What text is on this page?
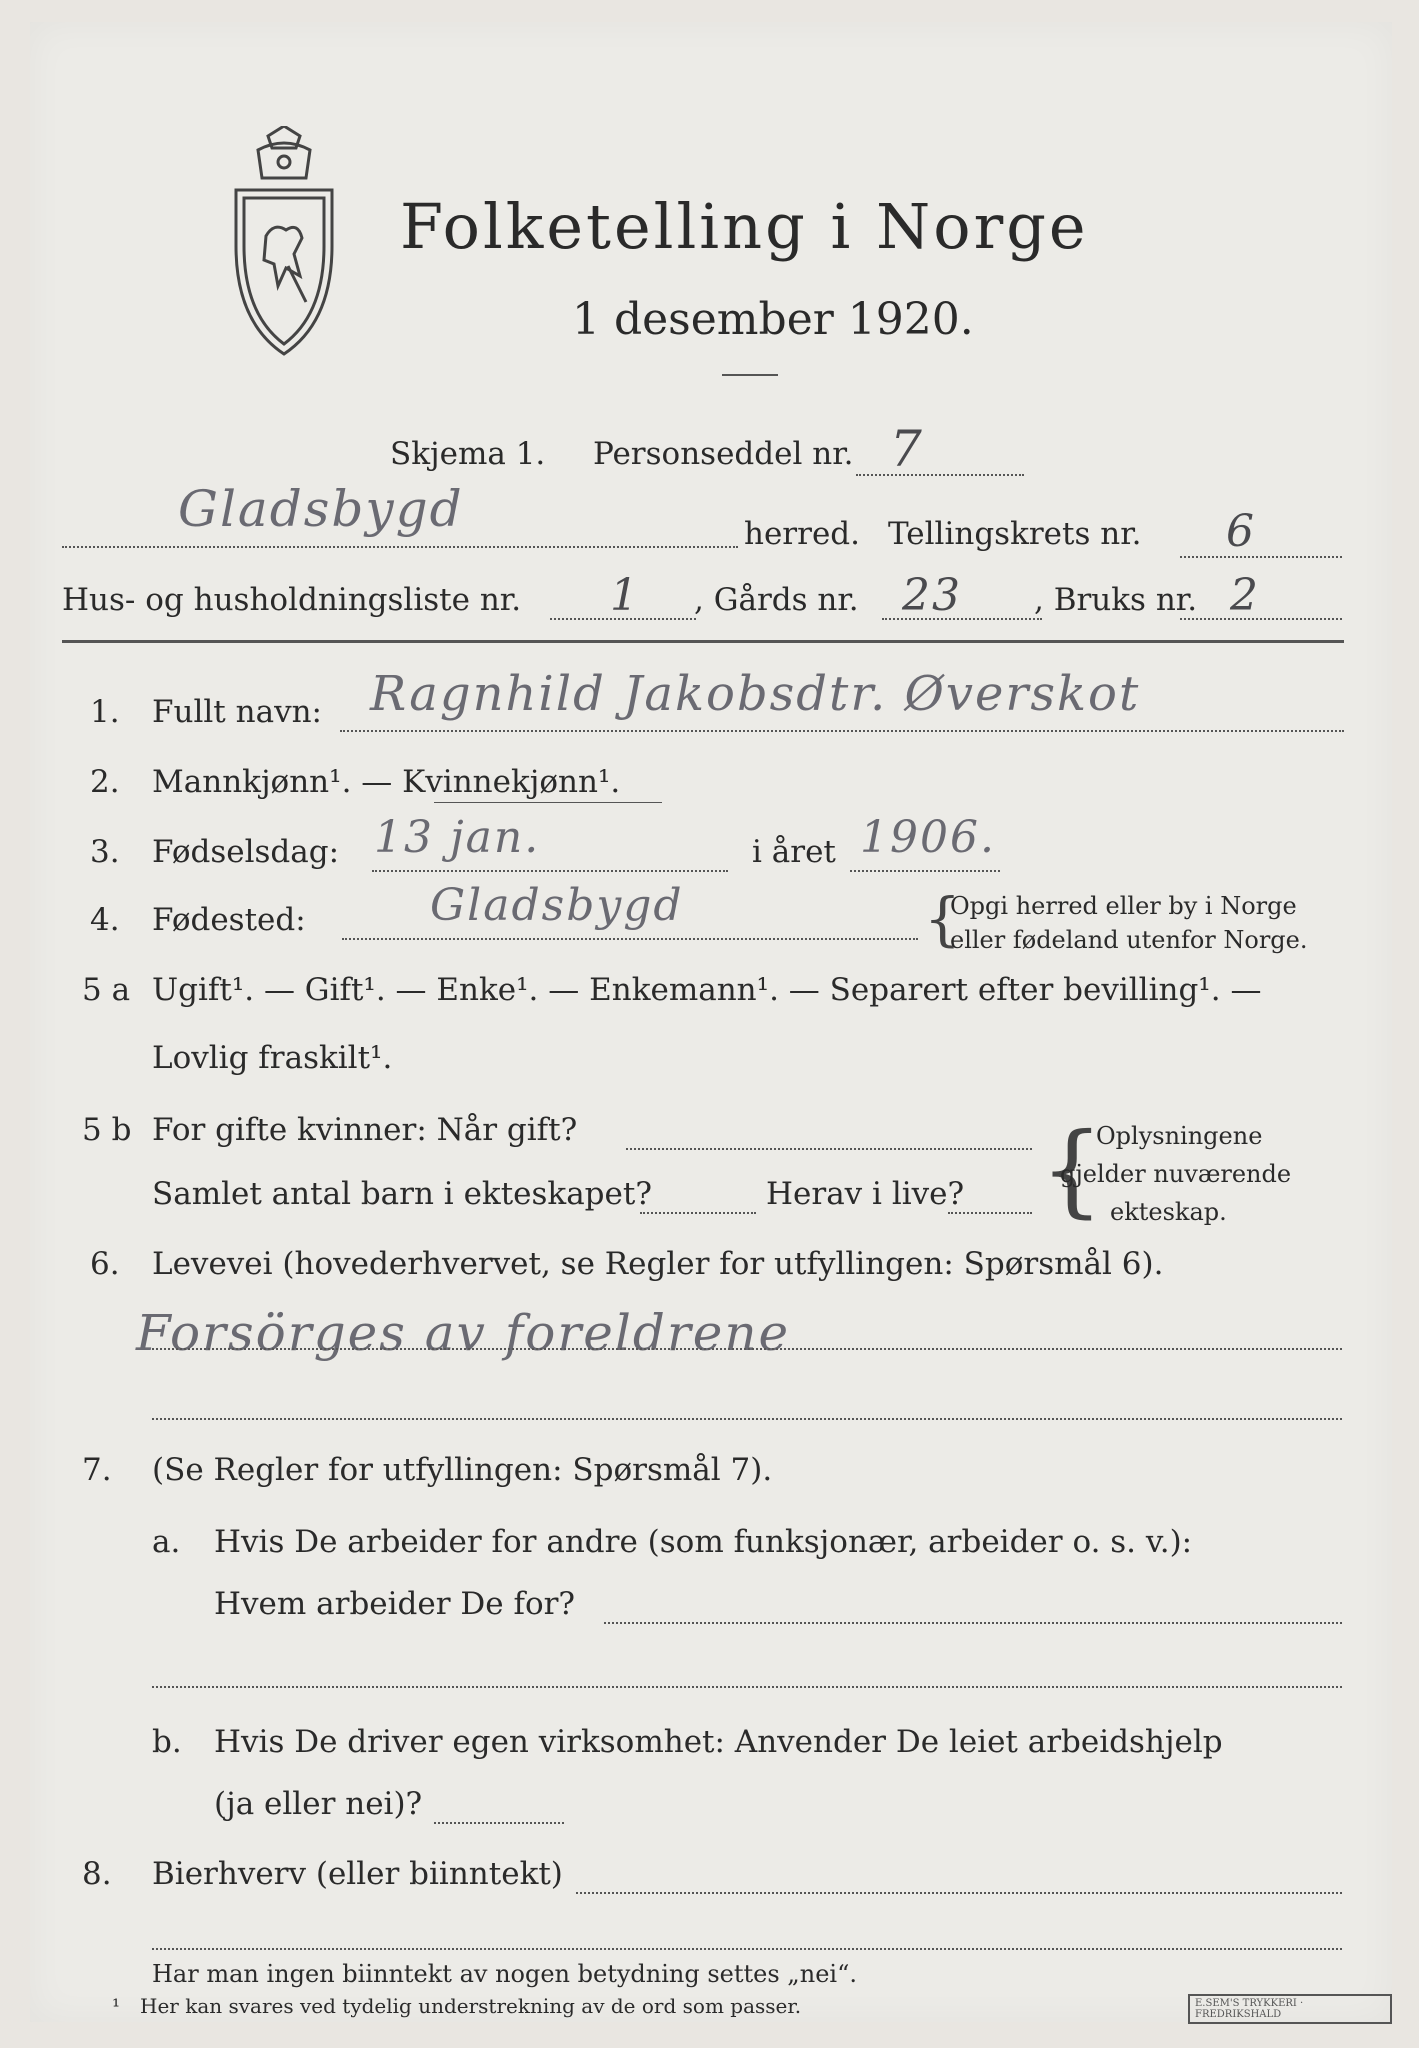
Folketelling i Norge
1 desember 1920.
Skjema 1. Personseddel nr. 7
Gladsbygd	herred. Tellingskrets nr. 6
Hus- og husholdningsliste nr. 1 , Gårds nr. 23 , Bruks nr. 2
1. Fullt navn: Ragnhild Jakobsdtr. Øverskot
2. Mannkjønn¹. — Kvinnekjønn¹.
3. Fødselsdag: 13 jan.	i året 1906.
4. Fødested:	Gladsbygd	{
Opgi herred eller by i Norge
eller fødeland utenfor Norge.
5 a Ugift¹. — Gift¹. — Enke¹. — Enkemann¹. — Separert efter bevilling¹. —
Lovlig fraskilt¹.
5 b For gifte kvinner: Når gift?
Samlet antal barn i ekteskapet?	Herav i live? {
Oplysningene
gjelder nuværende
ekteskap.
6. Levevei (hovederhvervet, se Regler for utfyllingen: Spørsmål 6).
Forsörges av foreldrene
7. (Se Regler for utfyllingen: Spørsmål 7).
a. Hvis De arbeider for andre (som funksjonær, arbeider o. s. v.):
Hvem arbeider De for?
b. Hvis De driver egen virksomhet: Anvender De leiet arbeidshjelp
(ja eller nei)?
8. Bierhverv (eller biinntekt)
Har man ingen biinntekt av nogen betydning settes „nei“.
¹ Her kan svares ved tydelig understrekning av de ord som passer.	E.SEM'S TRYKKERI · FREDRIKSHALD
